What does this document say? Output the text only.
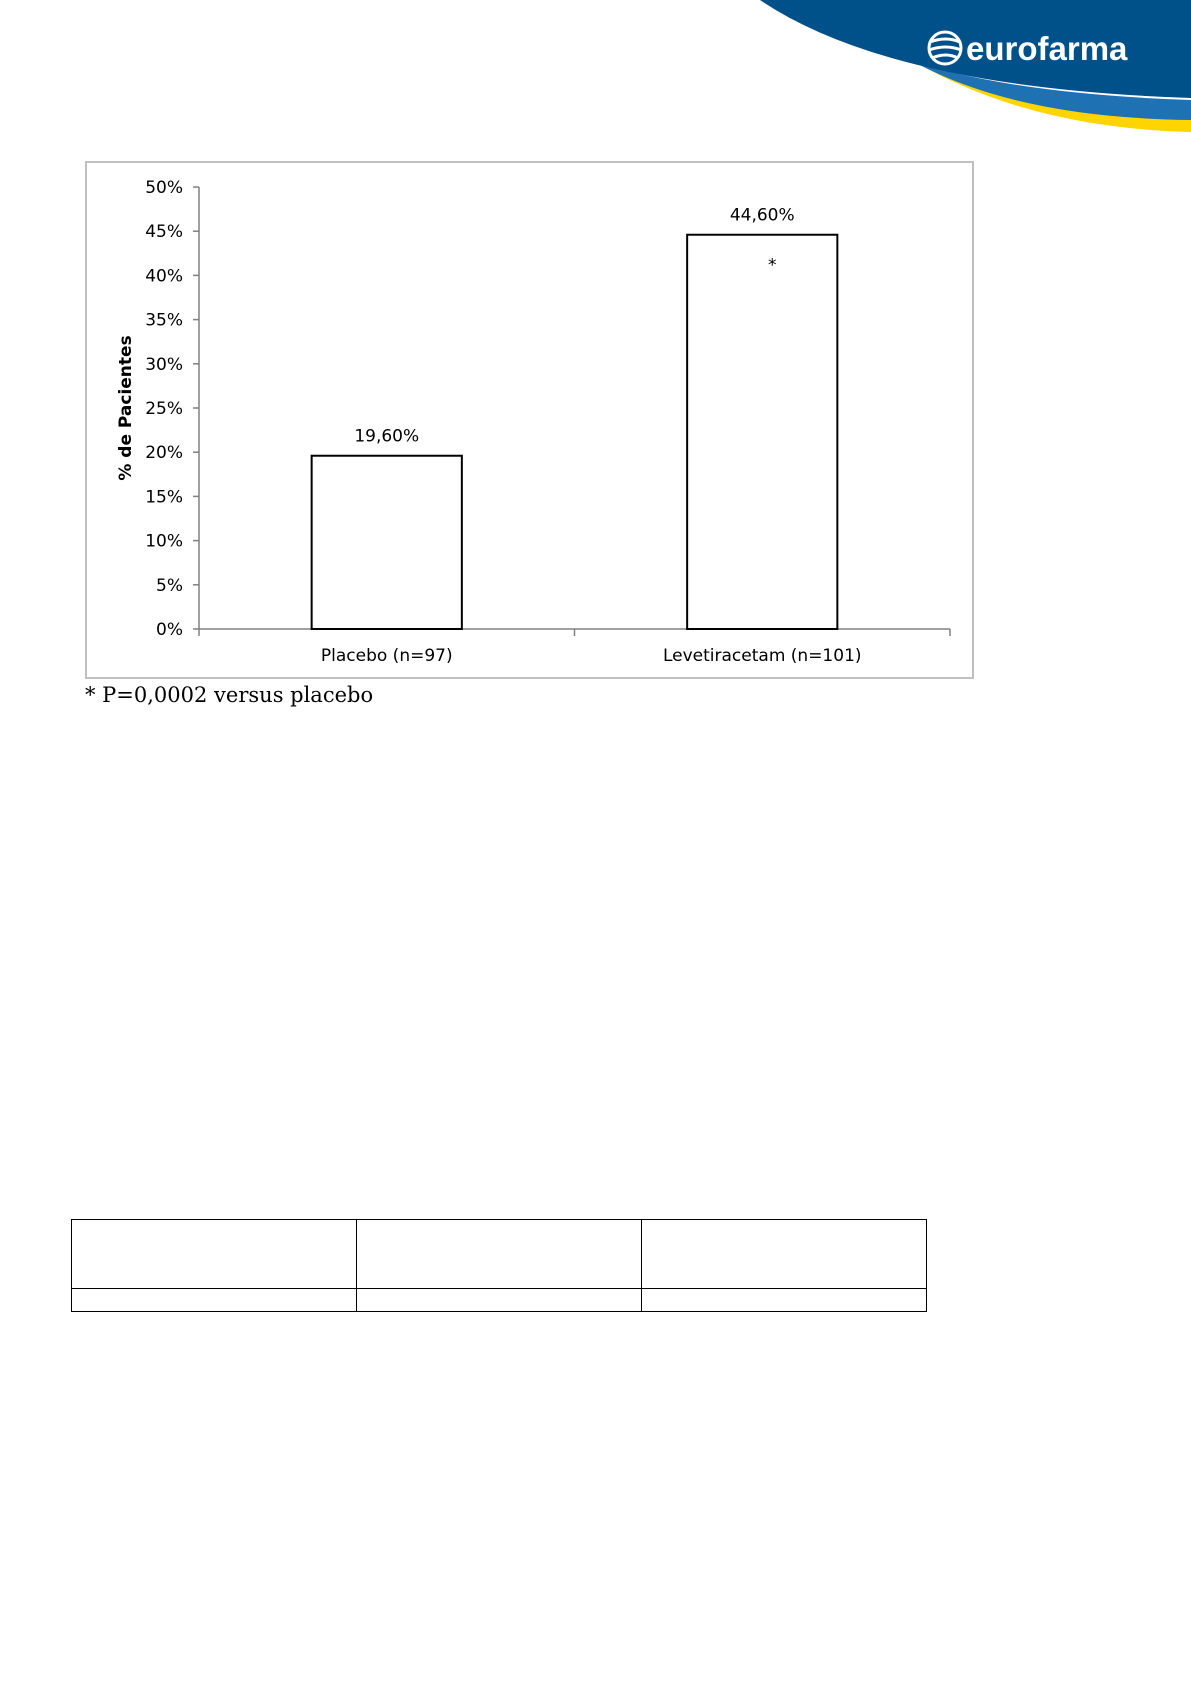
eurofarma
0%
5%
10%
15%
20%
25%
30%
35%
40%
45%
50%
19,60%
Placebo (n=97)
44,60%
Levetiracetam (n=101)
*
% de Pacientes

* P=0,0002 versus placebo
